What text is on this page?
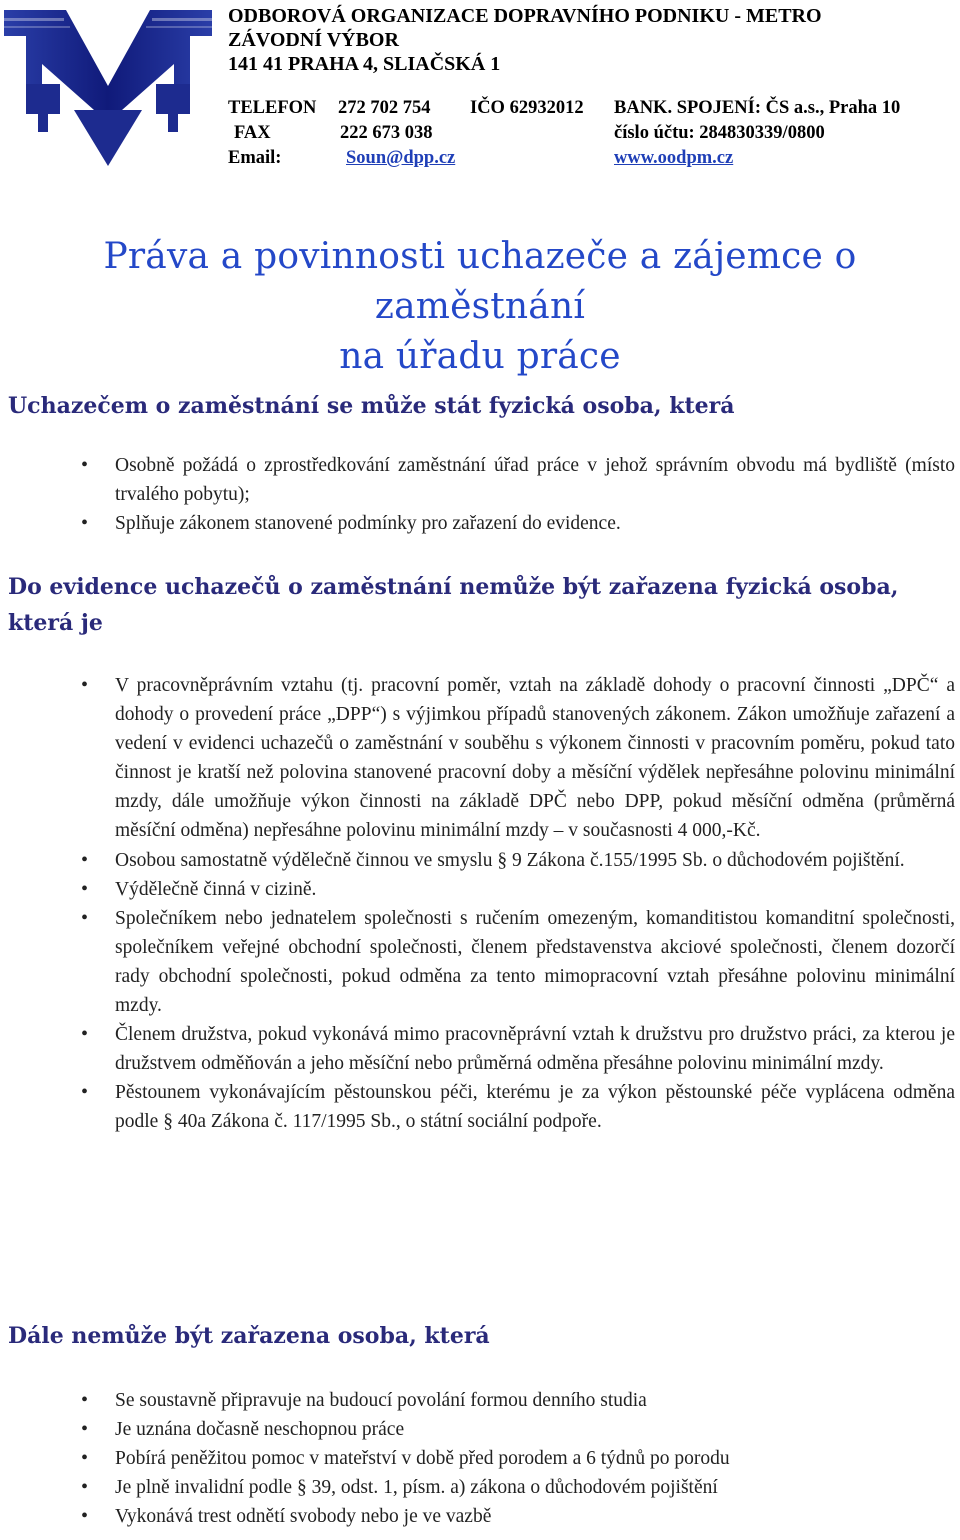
ODBOROVÁ ORGANIZACE DOPRAVNÍHO PODNIKU - METRO
ZÁVODNÍ VÝBOR
141 41 PRAHA 4, SLIAČSKÁ 1
TELEFON 272 702 754 IČO 62932012 BANK. SPOJENÍ: ČS a.s., Praha 10
FAX	222 673 038	číslo účtu: 284830339/0800
Email:	Soun@dpp.cz	www.oodpm.cz
Práva a povinnosti uchazeče a zájemce o zaměstnání
na úřadu práce
Uchazečem o zaměstnání se může stát fyzická osoba, která
• Osobně požádá o zprostředkování zaměstnání úřad práce v jehož správním obvodu má bydliště (místo trvalého pobytu);
• Splňuje zákonem stanovené podmínky pro zařazení do evidence.
Do evidence uchazečů o zaměstnání nemůže být zařazena fyzická osoba, která je
• V pracovněprávním vztahu (tj. pracovní poměr, vztah na základě dohody o pracovní činnosti „DPČ“ a dohody o provedení práce „DPP“) s výjimkou případů stanovených zákonem. Zákon umožňuje zařazení a vedení v evidenci uchazečů o zaměstnání v souběhu s výkonem činnosti v pracovním poměru, pokud tato činnost je kratší než polovina stanovené pracovní doby a měsíční výdělek nepřesáhne polovinu minimální mzdy, dále umožňuje výkon činnosti na základě DPČ nebo DPP, pokud měsíční odměna (průměrná měsíční odměna) nepřesáhne polovinu minimální mzdy – v současnosti 4 000,-Kč.
• Osobou samostatně výdělečně činnou ve smyslu § 9 Zákona č.155/1995 Sb. o důchodovém pojištění.
• Výdělečně činná v cizině.
• Společníkem nebo jednatelem společnosti s ručením omezeným, komanditistou komanditní společnosti, společníkem veřejné obchodní společnosti, členem představenstva akciové společnosti, členem dozorčí rady obchodní společnosti, pokud odměna za tento mimopracovní vztah přesáhne polovinu minimální mzdy.
• Členem družstva, pokud vykonává mimo pracovněprávní vztah k družstvu pro družstvo práci, za kterou je družstvem odměňován a jeho měsíční nebo průměrná odměna přesáhne polovinu minimální mzdy.
• Pěstounem vykonávajícím pěstounskou péči, kterému je za výkon pěstounské péče vyplácena odměna podle § 40a Zákona č. 117/1995 Sb., o státní sociální podpoře.
Dále nemůže být zařazena osoba, která
• Se soustavně připravuje na budoucí povolání formou denního studia
• Je uznána dočasně neschopnou práce
• Pobírá peněžitou pomoc v mateřství v době před porodem a 6 týdnů po porodu
• Je plně invalidní podle § 39, odst. 1, písm. a) zákona o důchodovém pojištění
• Vykonává trest odnětí svobody nebo je ve vazbě
